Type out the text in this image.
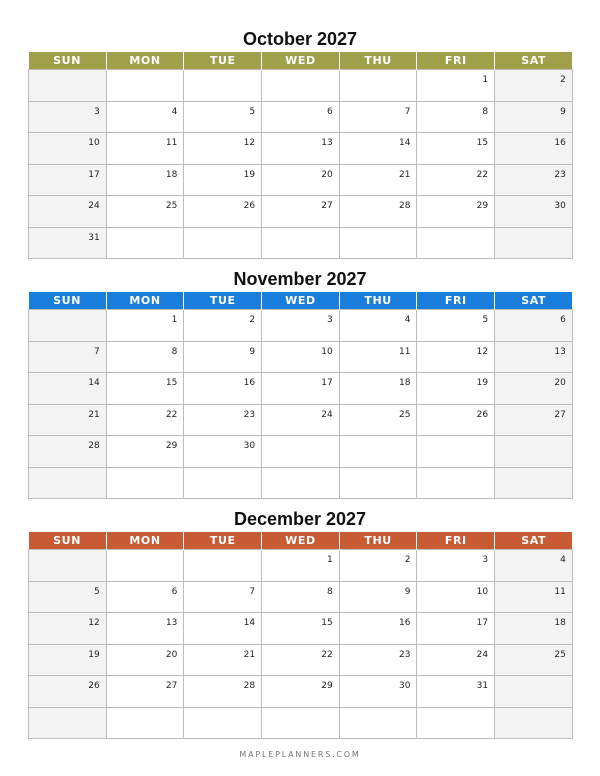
October 2027
SUN	MON	TUE	WED	THU	FRI	SAT

					1	2

3	4	5	6	7	8	9

10	11	12	13	14	15	16

17	18	19	20	21	22	23

24	25	26	27	28	29	30

31						

November 2027
SUN	MON	TUE	WED	THU	FRI	SAT

	1	2	3	4	5	6

7	8	9	10	11	12	13

14	15	16	17	18	19	20

21	22	23	24	25	26	27

28	29	30				

December 2027
SUN	MON	TUE	WED	THU	FRI	SAT

			1	2	3	4

5	6	7	8	9	10	11

12	13	14	15	16	17	18

19	20	21	22	23	24	25

26	27	28	29	30	31	

MAPLEPLANNERS.COM
